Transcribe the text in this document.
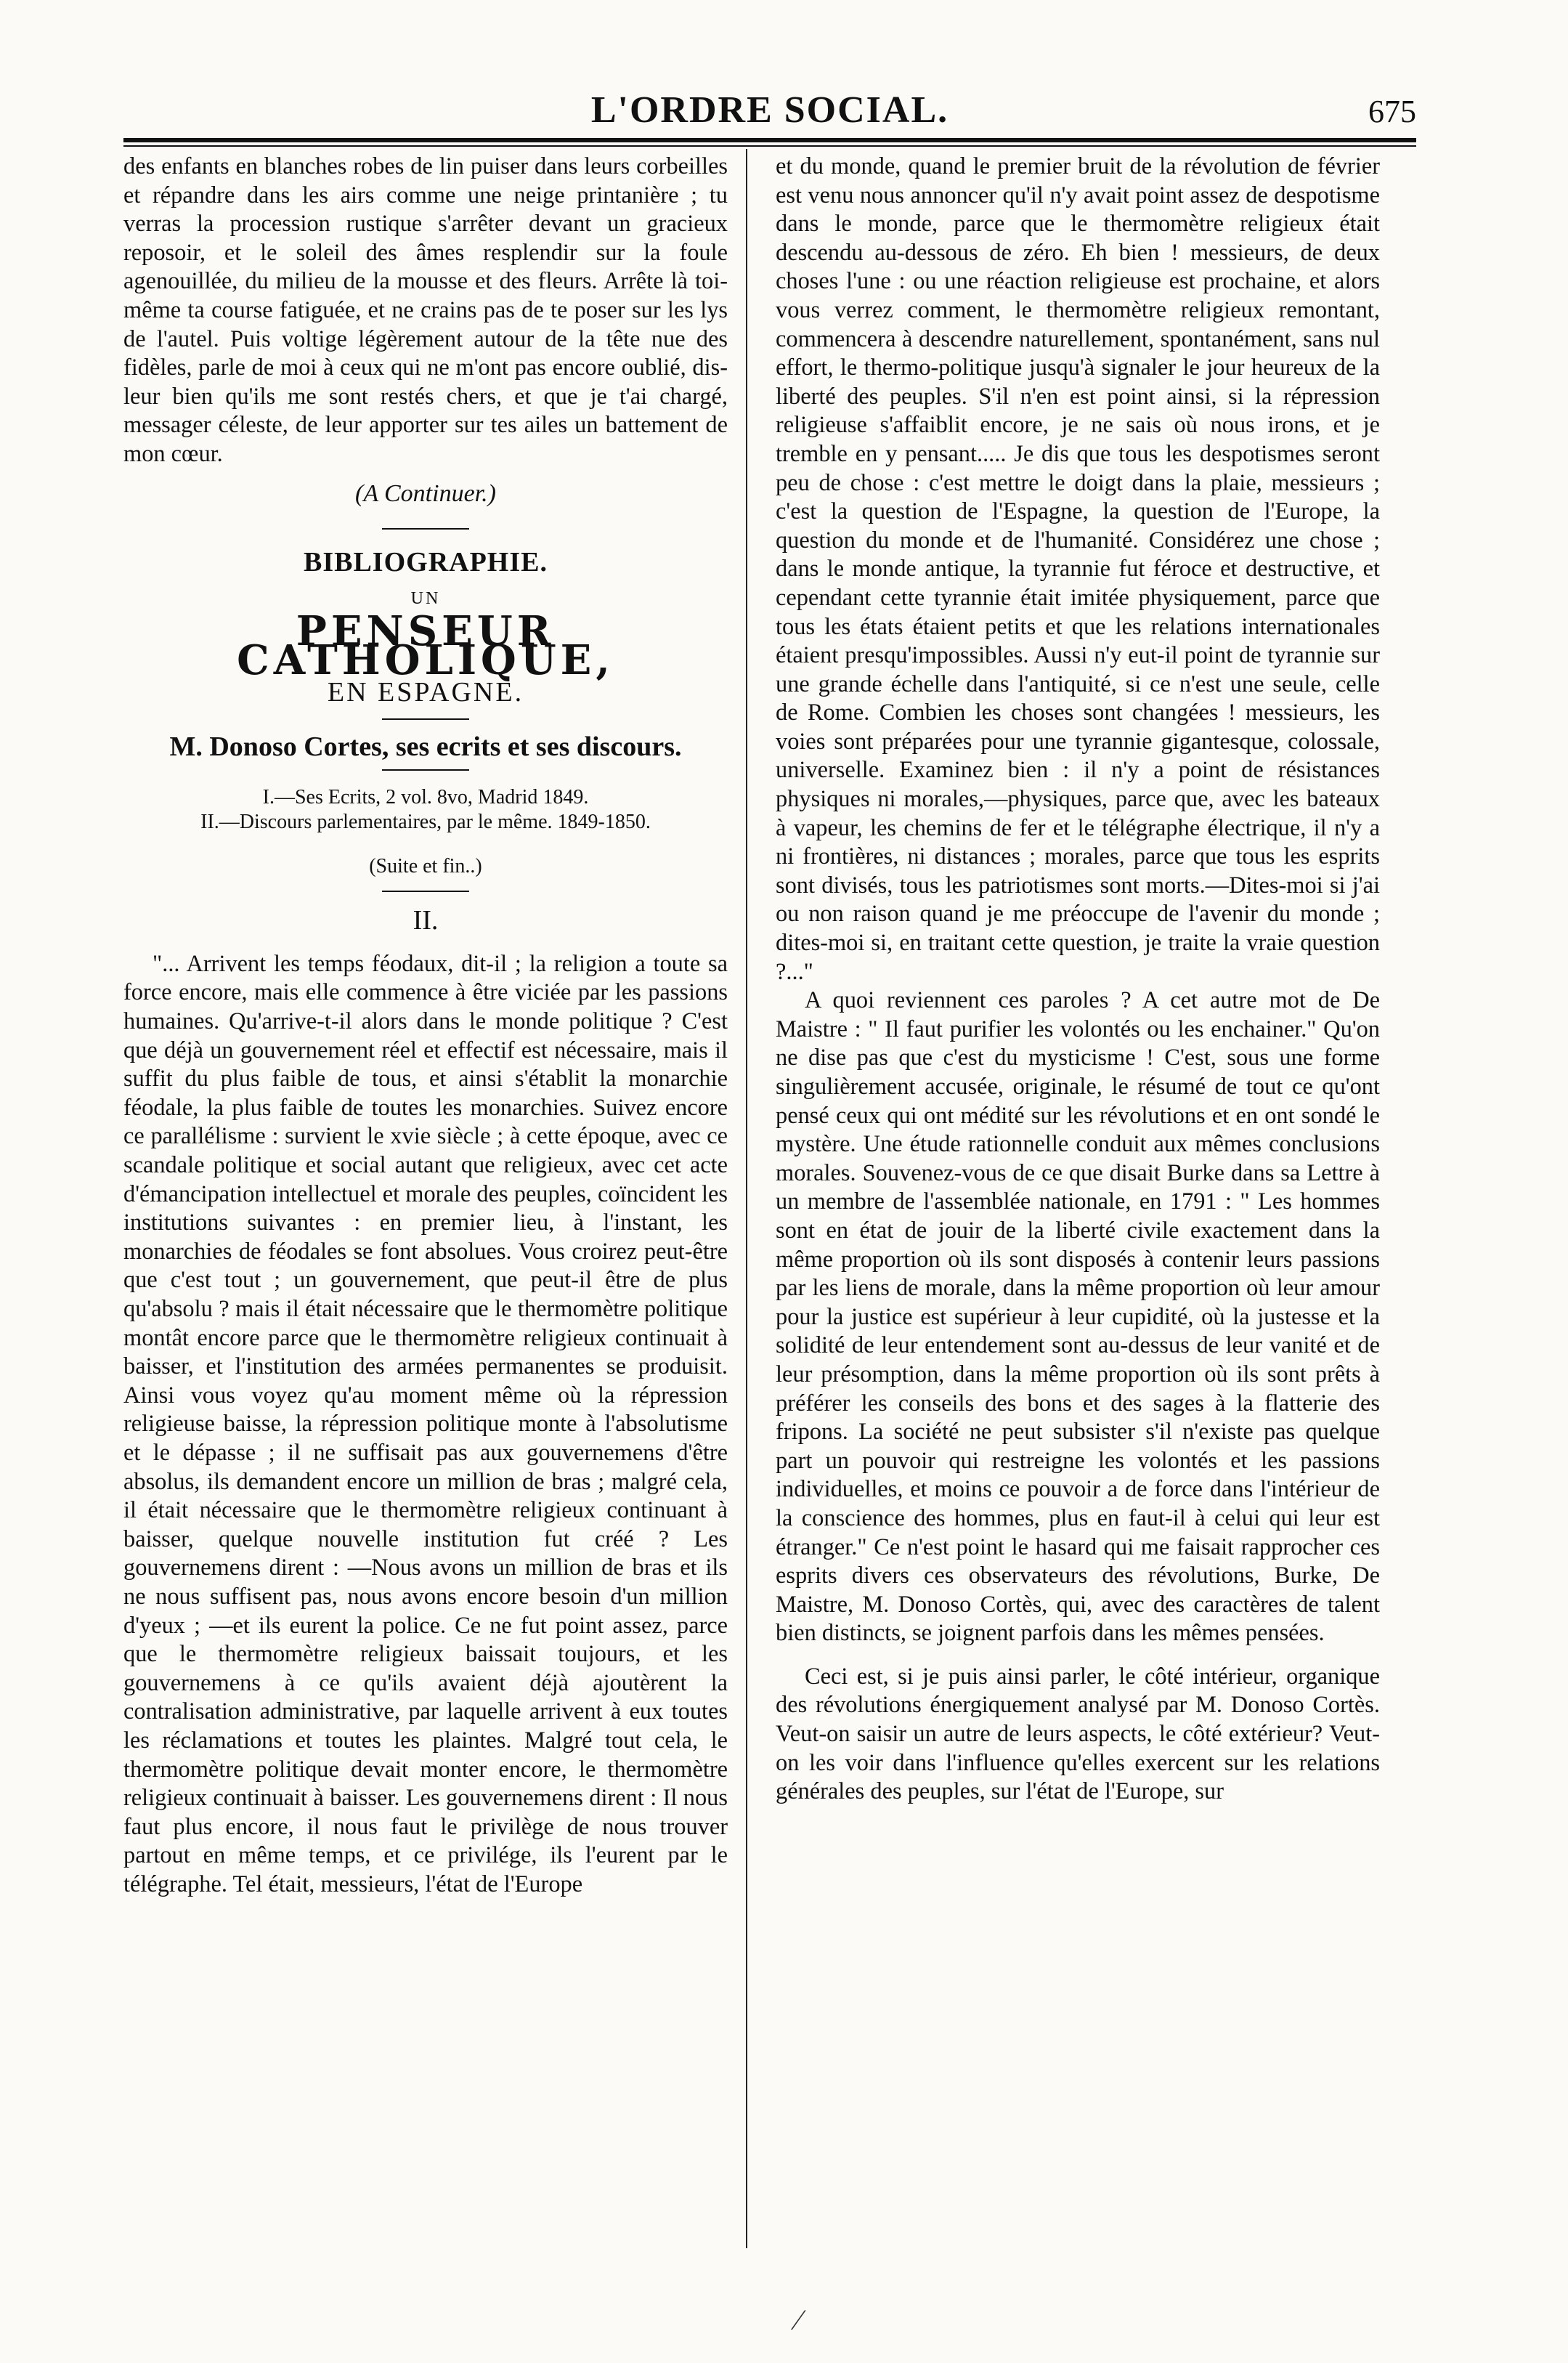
L'ORDRE SOCIAL.	675

des enfants en blanches robes de lin puiser dans leurs corbeilles et répandre dans les airs comme une neige printanière ; tu verras la procession rustique s'arrêter devant un gracieux reposoir, et le soleil des âmes resplendir sur la foule agenouillée, du milieu de la mousse et des fleurs. Arrête là toi-même ta course fatiguée, et ne crains pas de te poser sur les lys de l'autel. Puis voltige légèrement autour de la tête nue des fidèles, parle de moi à ceux qui ne m'ont pas encore oublié, dis-leur bien qu'ils me sont restés chers, et que je t'ai chargé, messager céleste, de leur apporter sur tes ailes un battement de mon cœur.

(A Continuer.)

BIBLIOGRAPHIE.

UN

PENSEUR CATHOLIQUE,

EN ESPAGNE.

M. Donoso Cortes, ses ecrits et ses discours.

I.—Ses Ecrits, 2 vol. 8vo, Madrid 1849.

II.—Discours parlementaires, par le même. 1849-1850.

(Suite et fin..)

II.

"... Arrivent les temps féodaux, dit-il ; la religion a toute sa force encore, mais elle commence à être viciée par les passions humaines. Qu'arrive-t-il alors dans le monde politique ? C'est que déjà un gouvernement réel et effectif est nécessaire, mais il suffit du plus faible de tous, et ainsi s'établit la monarchie féodale, la plus faible de toutes les monarchies. Suivez encore ce parallélisme : survient le xvie siècle ; à cette époque, avec ce scandale politique et social autant que religieux, avec cet acte d'émancipation intellectuel et morale des peuples, coïncident les institutions suivantes : en premier lieu, à l'instant, les monarchies de féodales se font absolues. Vous croirez peut-être que c'est tout ; un gouvernement, que peut-il être de plus qu'absolu ? mais il était nécessaire que le thermomètre politique montât encore parce que le thermomètre religieux continuait à baisser, et l'institution des armées permanentes se produisit. Ainsi vous voyez qu'au moment même où la répression religieuse baisse, la répression politique monte à l'absolutisme et le dépasse ; il ne suffisait pas aux gouvernemens d'être absolus, ils demandent encore un million de bras ; malgré cela, il était nécessaire que le thermomètre religieux continuant à baisser, quelque nouvelle institution fut créé ? Les gouvernemens dirent : —Nous avons un million de bras et ils ne nous suffisent pas, nous avons encore besoin d'un million d'yeux ; —et ils eurent la police. Ce ne fut point assez, parce que le thermomètre religieux baissait toujours, et les gouvernemens à ce qu'ils avaient déjà ajoutèrent la contralisation administrative, par laquelle arrivent à eux toutes les réclamations et toutes les plaintes. Malgré tout cela, le thermomètre politique devait monter encore, le thermomètre religieux continuait à baisser. Les gouvernemens dirent : Il nous faut plus encore, il nous faut le privilège de nous trouver partout en même temps, et ce privilége, ils l'eurent par le télégraphe. Tel était, messieurs, l'état de l'Europe

et du monde, quand le premier bruit de la révolution de février est venu nous annoncer qu'il n'y avait point assez de despotisme dans le monde, parce que le thermomètre religieux était descendu au-dessous de zéro. Eh bien ! messieurs, de deux choses l'une : ou une réaction religieuse est prochaine, et alors vous verrez comment, le thermomètre religieux remontant, commencera à descendre naturellement, spontanément, sans nul effort, le thermo-politique jusqu'à signaler le jour heureux de la liberté des peuples. S'il n'en est point ainsi, si la répression religieuse s'affaiblit encore, je ne sais où nous irons, et je tremble en y pensant..... Je dis que tous les despotismes seront peu de chose : c'est mettre le doigt dans la plaie, messieurs ; c'est la question de l'Espagne, la question de l'Europe, la question du monde et de l'humanité. Considérez une chose ; dans le monde antique, la tyrannie fut féroce et destructive, et cependant cette tyrannie était imitée physiquement, parce que tous les états étaient petits et que les relations internationales étaient presqu'impossibles. Aussi n'y eut-il point de tyrannie sur une grande échelle dans l'antiquité, si ce n'est une seule, celle de Rome. Combien les choses sont changées ! messieurs, les voies sont préparées pour une tyrannie gigantesque, colossale, universelle. Examinez bien : il n'y a point de résistances physiques ni morales,—physiques, parce que, avec les bateaux à vapeur, les chemins de fer et le télégraphe électrique, il n'y a ni frontières, ni distances ; morales, parce que tous les esprits sont divisés, tous les patriotismes sont morts.—Dites-moi si j'ai ou non raison quand je me préoccupe de l'avenir du monde ; dites-moi si, en traitant cette question, je traite la vraie question ?..."

A quoi reviennent ces paroles ? A cet autre mot de De Maistre : " Il faut purifier les volontés ou les enchainer." Qu'on ne dise pas que c'est du mysticisme ! C'est, sous une forme singulièrement accusée, originale, le résumé de tout ce qu'ont pensé ceux qui ont médité sur les révolutions et en ont sondé le mystère. Une étude rationnelle conduit aux mêmes conclusions morales. Souvenez-vous de ce que disait Burke dans sa Lettre à un membre de l'assemblée nationale, en 1791 : " Les hommes sont en état de jouir de la liberté civile exactement dans la même proportion où ils sont disposés à contenir leurs passions par les liens de morale, dans la même proportion où leur amour pour la justice est supérieur à leur cupidité, où la justesse et la solidité de leur entendement sont au-dessus de leur vanité et de leur présomption, dans la même proportion où ils sont prêts à préférer les conseils des bons et des sages à la flatterie des fripons. La société ne peut subsister s'il n'existe pas quelque part un pouvoir qui restreigne les volontés et les passions individuelles, et moins ce pouvoir a de force dans l'intérieur de la conscience des hommes, plus en faut-il à celui qui leur est étranger." Ce n'est point le hasard qui me faisait rapprocher ces esprits divers ces observateurs des révolutions, Burke, De Maistre, M. Donoso Cortès, qui, avec des caractères de talent bien distincts, se joignent parfois dans les mêmes pensées.

Ceci est, si je puis ainsi parler, le côté intérieur, organique des révolutions énergiquement analysé par M. Donoso Cortès. Veut-on saisir un autre de leurs aspects, le côté extérieur? Veut-on les voir dans l'influence qu'elles exercent sur les relations générales des peuples, sur l'état de l'Europe, sur

⁄
